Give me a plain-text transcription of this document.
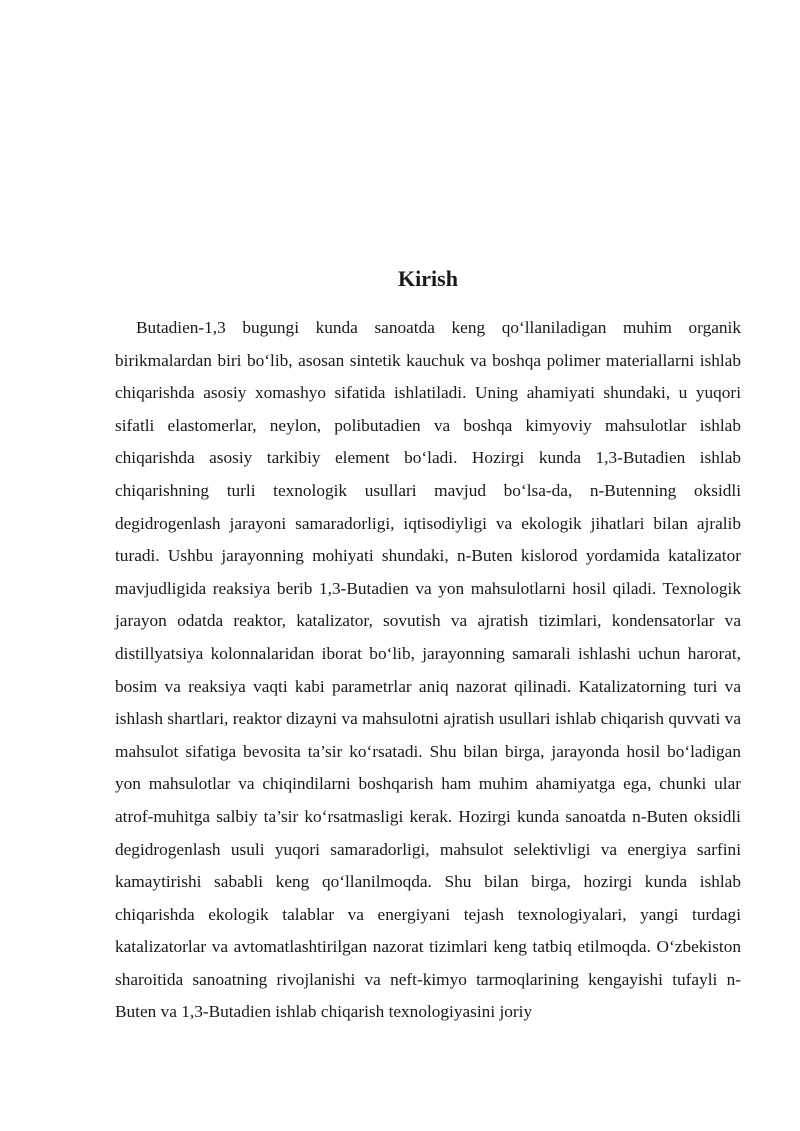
Kirish

Butadien-1,3 bugungi kunda sanoatda keng qo‘llaniladigan muhim organik birikmalardan biri bo‘lib, asosan sintetik kauchuk va boshqa polimer materiallarni ishlab chiqarishda asosiy xomashyo sifatida ishlatiladi. Uning ahamiyati shundaki, u yuqori sifatli elastomerlar, neylon, polibutadien va boshqa kimyoviy mahsulotlar ishlab chiqarishda asosiy tarkibiy element bo‘ladi. Hozirgi kunda 1,3-Butadien ishlab chiqarishning turli texnologik usullari mavjud bo‘lsa-da, n-Butenning oksidli degidrogenlash jarayoni samaradorligi, iqtisodiyligi va ekologik jihatlari bilan ajralib turadi. Ushbu jarayonning mohiyati shundaki, n-Buten kislorod yordamida katalizator mavjudligida reaksiya berib 1,3-Butadien va yon mahsulotlarni hosil qiladi. Texnologik jarayon odatda reaktor, katalizator, sovutish va ajratish tizimlari, kondensatorlar va distillyatsiya kolonnalaridan iborat bo‘lib, jarayonning samarali ishlashi uchun harorat, bosim va reaksiya vaqti kabi parametrlar aniq nazorat qilinadi. Katalizatorning turi va ishlash shartlari, reaktor dizayni va mahsulotni ajratish usullari ishlab chiqarish quvvati va mahsulot sifatiga bevosita ta’sir ko‘rsatadi. Shu bilan birga, jarayonda hosil bo‘ladigan yon mahsulotlar va chiqindilarni boshqarish ham muhim ahamiyatga ega, chunki ular atrof-muhitga salbiy ta’sir ko‘rsatmasligi kerak. Hozirgi kunda sanoatda n-Buten oksidli degidrogenlash usuli yuqori samaradorligi, mahsulot selektivligi va energiya sarfini kamaytirishi sababli keng qo‘llanilmoqda. Shu bilan birga, hozirgi kunda ishlab chiqarishda ekologik talablar va energiyani tejash texnologiyalari, yangi turdagi katalizatorlar va avtomatlashtirilgan nazorat tizimlari keng tatbiq etilmoqda. O‘zbekiston sharoitida sanoatning rivojlanishi va neft-kimyo tarmoqlarining kengayishi tufayli n-Buten va 1,3-Butadien ishlab chiqarish texnologiyasini joriy
